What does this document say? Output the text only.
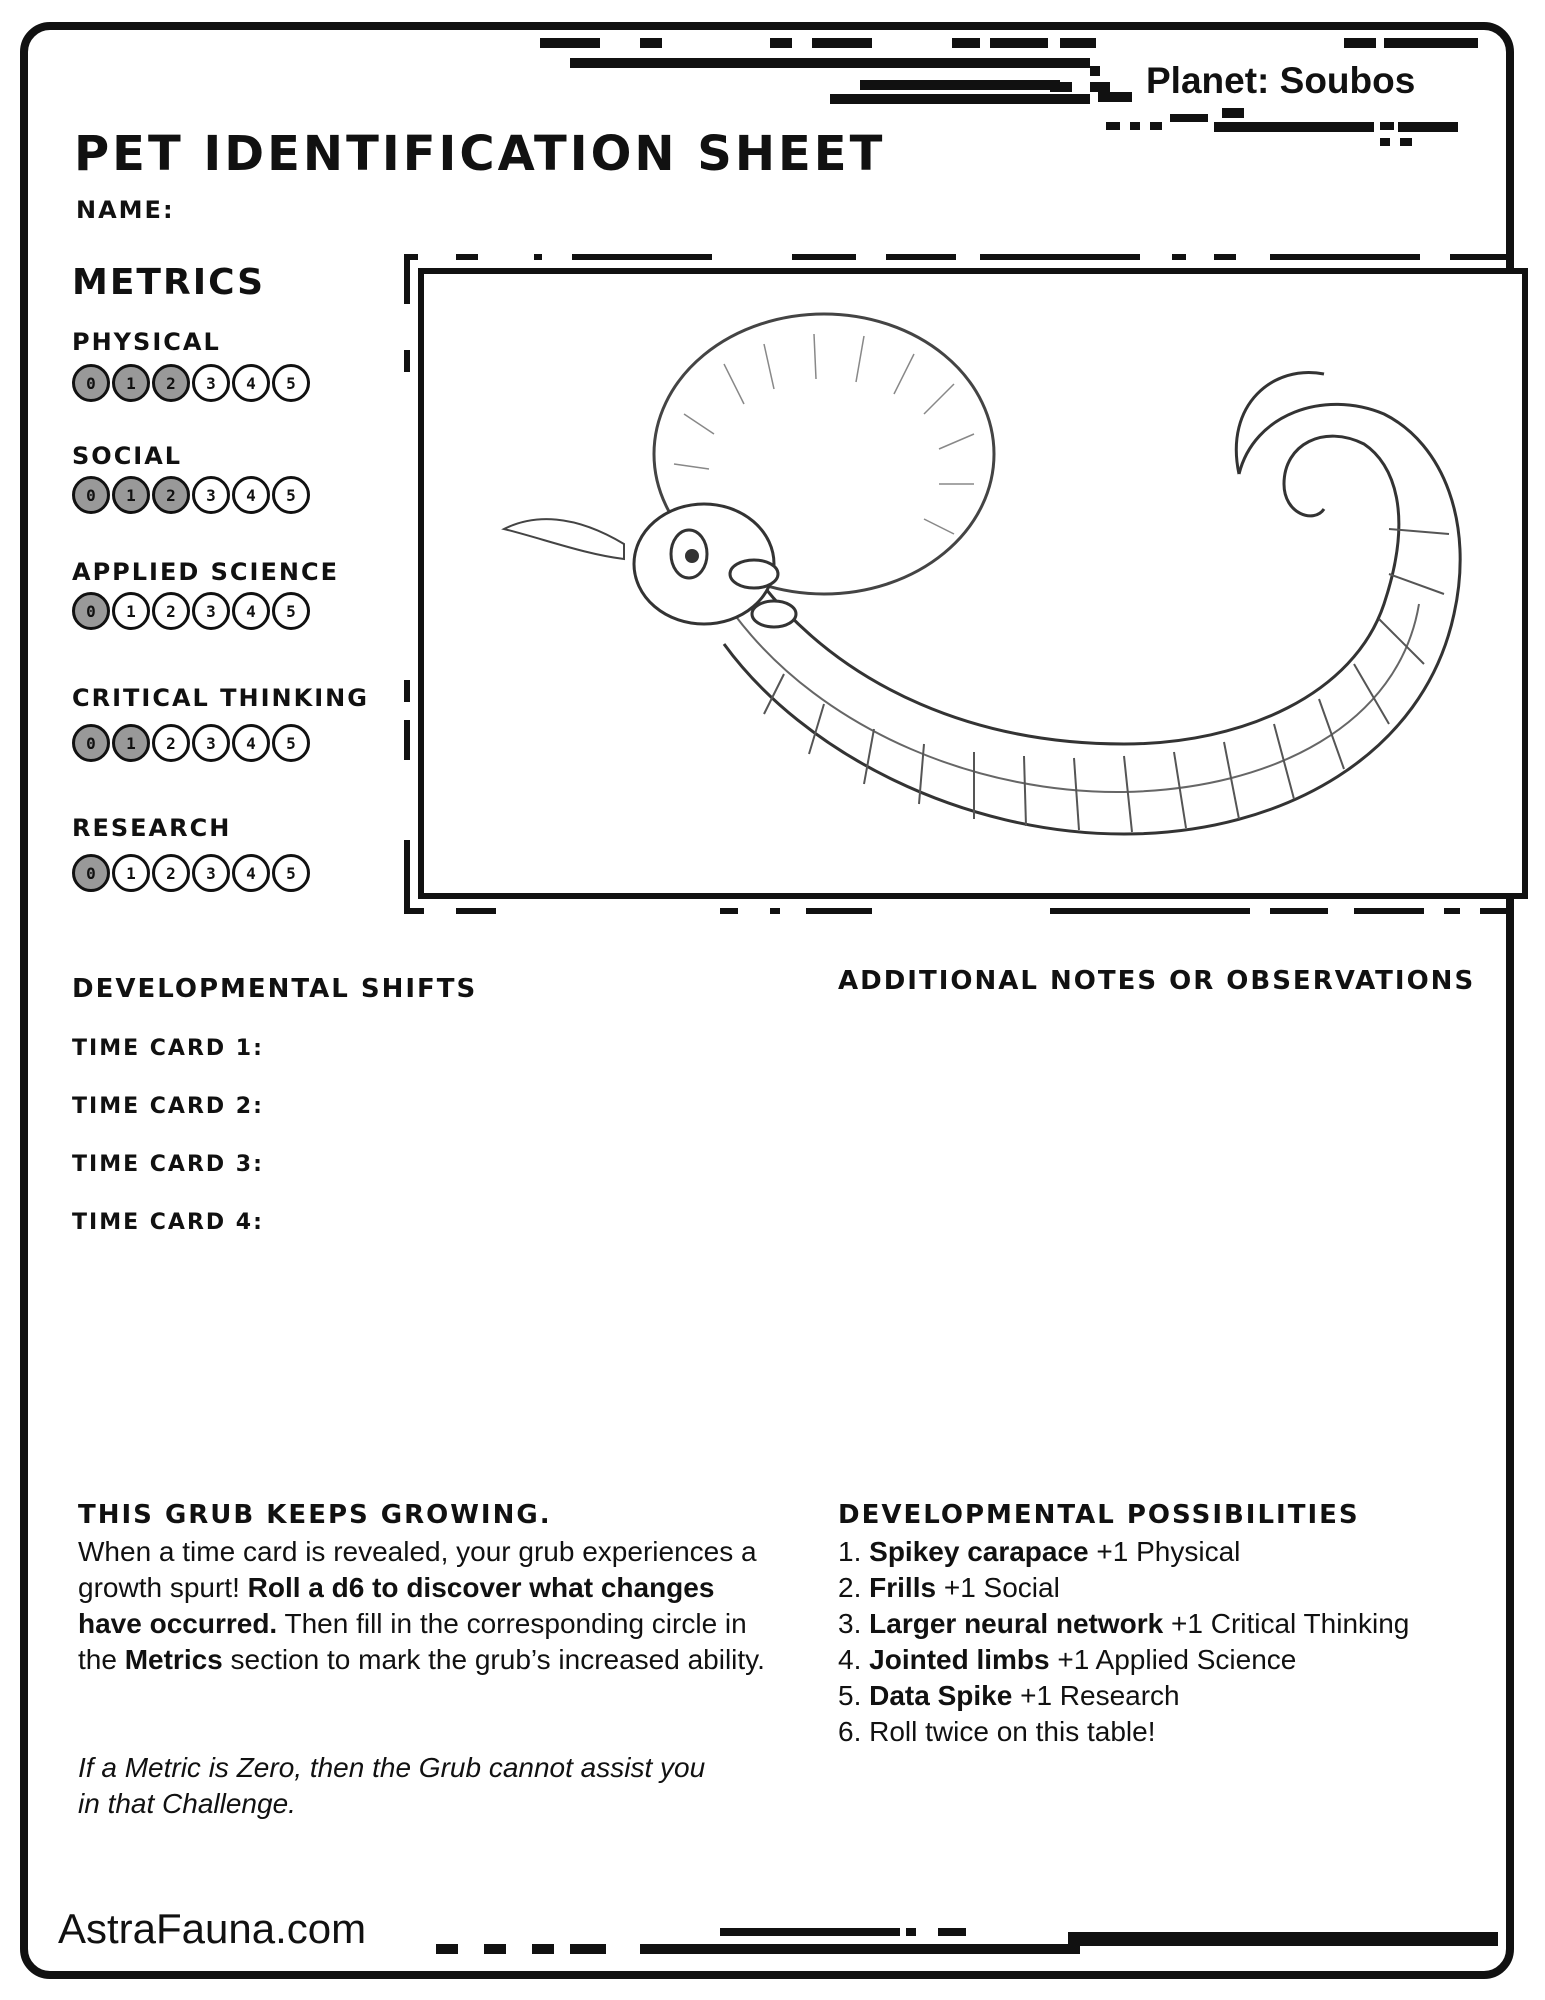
Planet: Soubos
PET IDENTIFICATION SHEET
NAME:
METRICS
PHYSICAL
0	1	2	3	4	5
SOCIAL
0	1	2	3	4	5
APPLIED SCIENCE
0	1	2	3	4	5
CRITICAL THINKING
0	1	2	3	4	5
RESEARCH
0	1	2	3	4	5
DEVELOPMENTAL SHIFTS
TIME CARD 1:
TIME CARD 2:
TIME CARD 3:
TIME CARD 4:
ADDITIONAL NOTES OR OBSERVATIONS
THIS GRUB KEEPS GROWING.
When a time card is revealed, your grub experiences a growth spurt! Roll a d6 to discover what changes have occurred. Then fill in the corresponding circle in the Metrics section to mark the grub’s increased ability.
If a Metric is Zero, then the Grub cannot assist you in that Challenge.
DEVELOPMENTAL POSSIBILITIES
1. Spikey carapace +1 Physical
2. Frills +1 Social
3. Larger neural network +1 Critical Thinking
4. Jointed limbs +1 Applied Science
5. Data Spike +1 Research
6. Roll twice on this table!
AstraFauna.com
